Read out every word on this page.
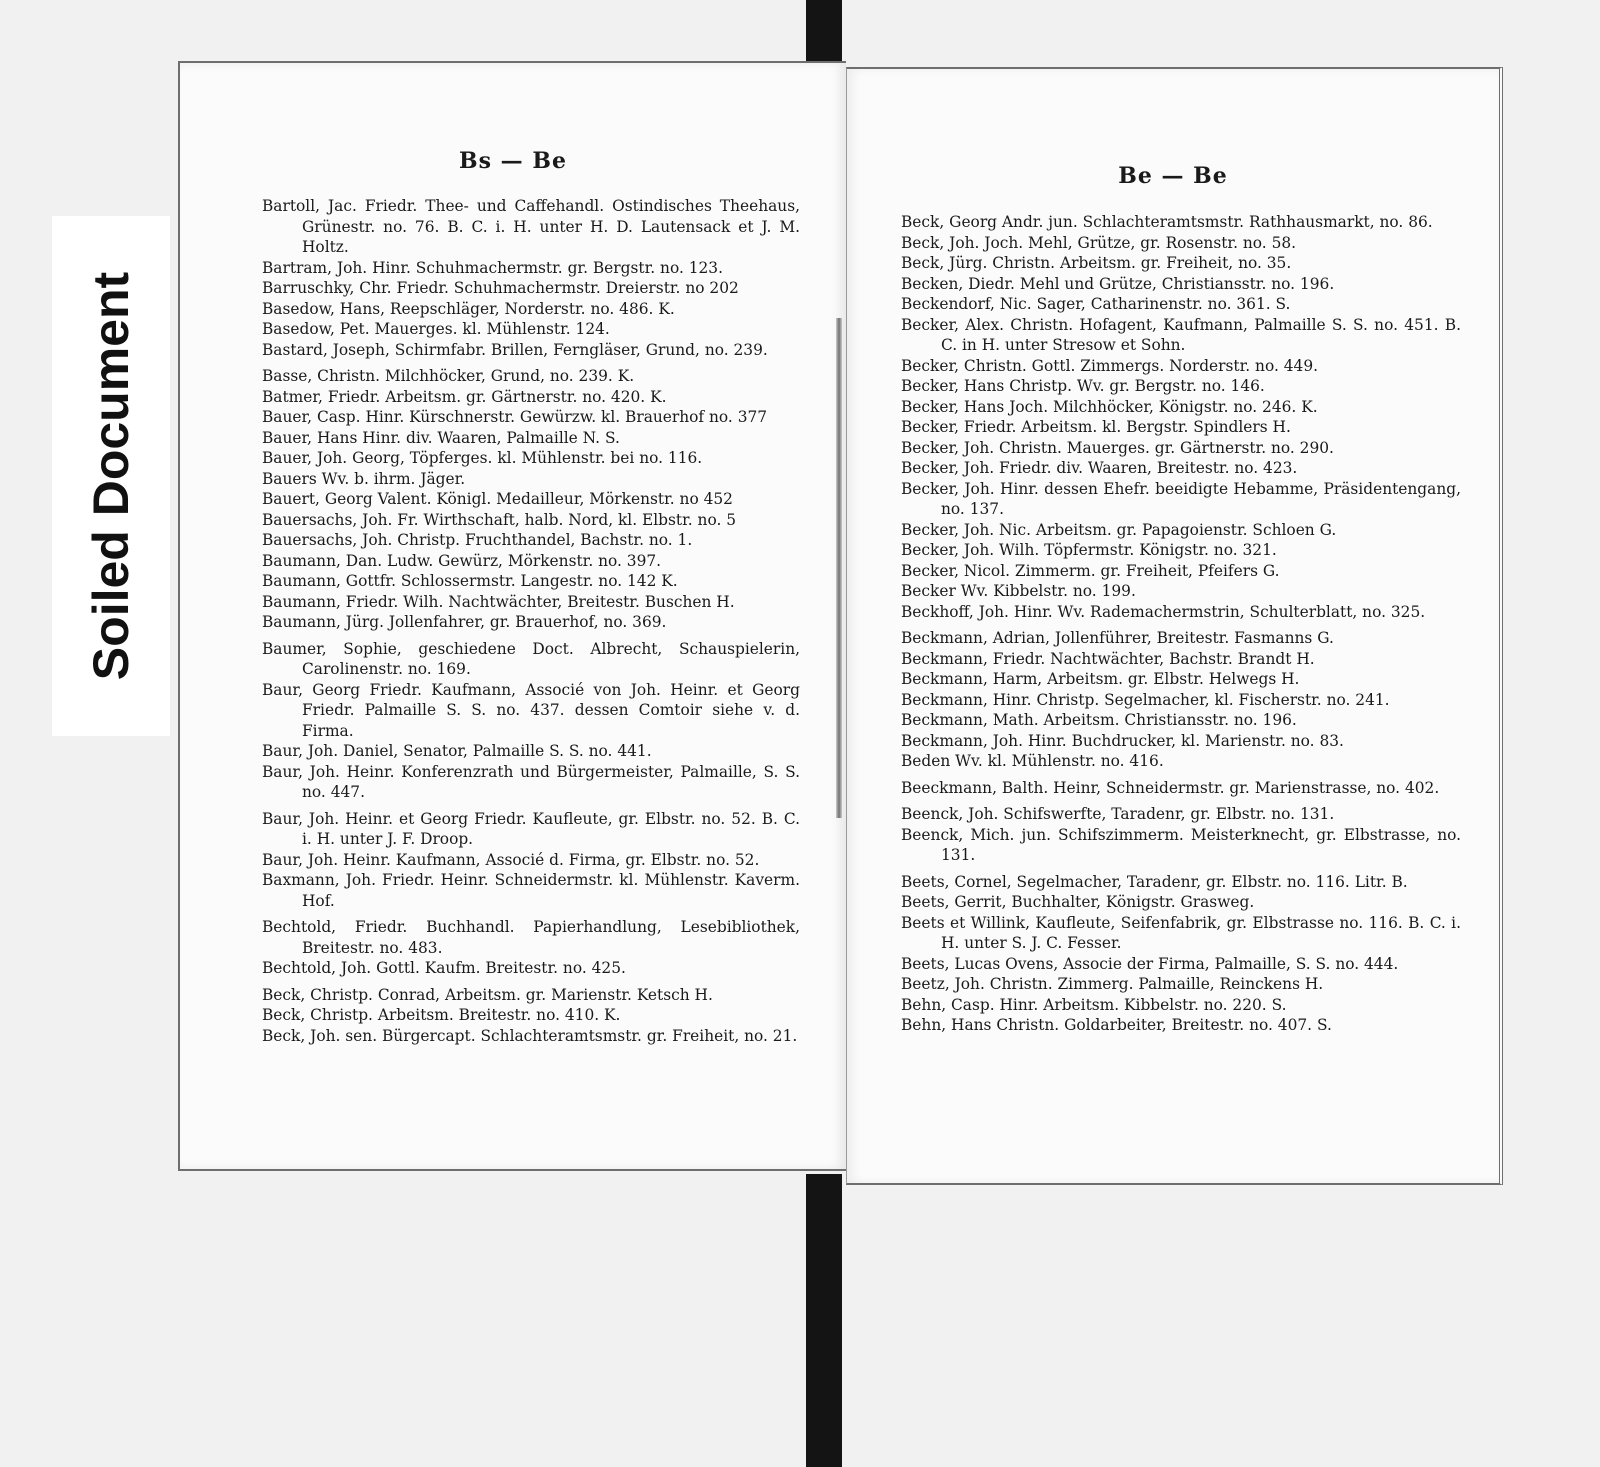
Soiled Document
Bs — Be
Bartoll, Jac. Friedr. Thee- und Caffehandl. Ostindisches Theehaus, Grünestr. no. 76. B. C. i. H. unter H. D. Lautensack et J. M. Holtz.
Bartram, Joh. Hinr. Schuhmachermstr. gr. Bergstr. no. 123.
Barruschky, Chr. Friedr. Schuhmachermstr. Dreierstr. no 202
Basedow, Hans, Reepschläger, Norderstr. no. 486. K.
Basedow, Pet. Mauerges. kl. Mühlenstr. 124.
Bastard, Joseph, Schirmfabr. Brillen, Ferngläser, Grund, no. 239.
Basse, Christn. Milchhöcker, Grund, no. 239. K.
Batmer, Friedr. Arbeitsm. gr. Gärtnerstr. no. 420. K.
Bauer, Casp. Hinr. Kürschnerstr. Gewürzw. kl. Brauerhof no. 377
Bauer, Hans Hinr. div. Waaren, Palmaille N. S.
Bauer, Joh. Georg, Töpferges. kl. Mühlenstr. bei no. 116.
Bauers Wv. b. ihrm. Jäger.
Bauert, Georg Valent. Königl. Medailleur, Mörkenstr. no 452
Bauersachs, Joh. Fr. Wirthschaft, halb. Nord, kl. Elbstr. no. 5
Bauersachs, Joh. Christp. Fruchthandel, Bachstr. no. 1.
Baumann, Dan. Ludw. Gewürz, Mörkenstr. no. 397.
Baumann, Gottfr. Schlossermstr. Langestr. no. 142 K.
Baumann, Friedr. Wilh. Nachtwächter, Breitestr. Buschen H.
Baumann, Jürg. Jollenfahrer, gr. Brauerhof, no. 369.
Baumer, Sophie, geschiedene Doct. Albrecht, Schauspielerin, Carolinenstr. no. 169.
Baur, Georg Friedr. Kaufmann, Associé von Joh. Heinr. et Georg Friedr. Palmaille S. S. no. 437. dessen Comtoir siehe v. d. Firma.
Baur, Joh. Daniel, Senator, Palmaille S. S. no. 441.
Baur, Joh. Heinr. Konferenzrath und Bürgermeister, Palmaille, S. S. no. 447.
Baur, Joh. Heinr. et Georg Friedr. Kaufleute, gr. Elbstr. no. 52. B. C. i. H. unter J. F. Droop.
Baur, Joh. Heinr. Kaufmann, Associé d. Firma, gr. Elbstr. no. 52.
Baxmann, Joh. Friedr. Heinr. Schneidermstr. kl. Mühlenstr. Kaverm. Hof.
Bechtold, Friedr. Buchhandl. Papierhandlung, Lesebibliothek, Breitestr. no. 483.
Bechtold, Joh. Gottl. Kaufm. Breitestr. no. 425.
Beck, Christp. Conrad, Arbeitsm. gr. Marienstr. Ketsch H.
Beck, Christp. Arbeitsm. Breitestr. no. 410. K.
Beck, Joh. sen. Bürgercapt. Schlachteramtsmstr. gr. Freiheit, no. 21.
Be — Be
Beck, Georg Andr. jun. Schlachteramtsmstr. Rathhausmarkt, no. 86.
Beck, Joh. Joch. Mehl, Grütze, gr. Rosenstr. no. 58.
Beck, Jürg. Christn. Arbeitsm. gr. Freiheit, no. 35.
Becken, Diedr. Mehl und Grütze, Christiansstr. no. 196.
Beckendorf, Nic. Sager, Catharinenstr. no. 361. S.
Becker, Alex. Christn. Hofagent, Kaufmann, Palmaille S. S. no. 451. B. C. in H. unter Stresow et Sohn.
Becker, Christn. Gottl. Zimmergs. Norderstr. no. 449.
Becker, Hans Christp. Wv. gr. Bergstr. no. 146.
Becker, Hans Joch. Milchhöcker, Königstr. no. 246. K.
Becker, Friedr. Arbeitsm. kl. Bergstr. Spindlers H.
Becker, Joh. Christn. Mauerges. gr. Gärtnerstr. no. 290.
Becker, Joh. Friedr. div. Waaren, Breitestr. no. 423.
Becker, Joh. Hinr. dessen Ehefr. beeidigte Hebamme, Präsidentengang, no. 137.
Becker, Joh. Nic. Arbeitsm. gr. Papagoienstr. Schloen G.
Becker, Joh. Wilh. Töpfermstr. Königstr. no. 321.
Becker, Nicol. Zimmerm. gr. Freiheit, Pfeifers G.
Becker Wv. Kibbelstr. no. 199.
Beckhoff, Joh. Hinr. Wv. Rademachermstrin, Schulterblatt, no. 325.
Beckmann, Adrian, Jollenführer, Breitestr. Fasmanns G.
Beckmann, Friedr. Nachtwächter, Bachstr. Brandt H.
Beckmann, Harm, Arbeitsm. gr. Elbstr. Helwegs H.
Beckmann, Hinr. Christp. Segelmacher, kl. Fischerstr. no. 241.
Beckmann, Math. Arbeitsm. Christiansstr. no. 196.
Beckmann, Joh. Hinr. Buchdrucker, kl. Marienstr. no. 83.
Beden Wv. kl. Mühlenstr. no. 416.
Beeckmann, Balth. Heinr, Schneidermstr. gr. Marienstrasse, no. 402.
Beenck, Joh. Schifswerfte, Taradenr, gr. Elbstr. no. 131.
Beenck, Mich. jun. Schifszimmerm. Meisterknecht, gr. Elbstrasse, no. 131.
Beets, Cornel, Segelmacher, Taradenr, gr. Elbstr. no. 116. Litr. B.
Beets, Gerrit, Buchhalter, Königstr. Grasweg.
Beets et Willink, Kaufleute, Seifenfabrik, gr. Elbstrasse no. 116. B. C. i. H. unter S. J. C. Fesser.
Beets, Lucas Ovens, Associe der Firma, Palmaille, S. S. no. 444.
Beetz, Joh. Christn. Zimmerg. Palmaille, Reinckens H.
Behn, Casp. Hinr. Arbeitsm. Kibbelstr. no. 220. S.
Behn, Hans Christn. Goldarbeiter, Breitestr. no. 407. S.
